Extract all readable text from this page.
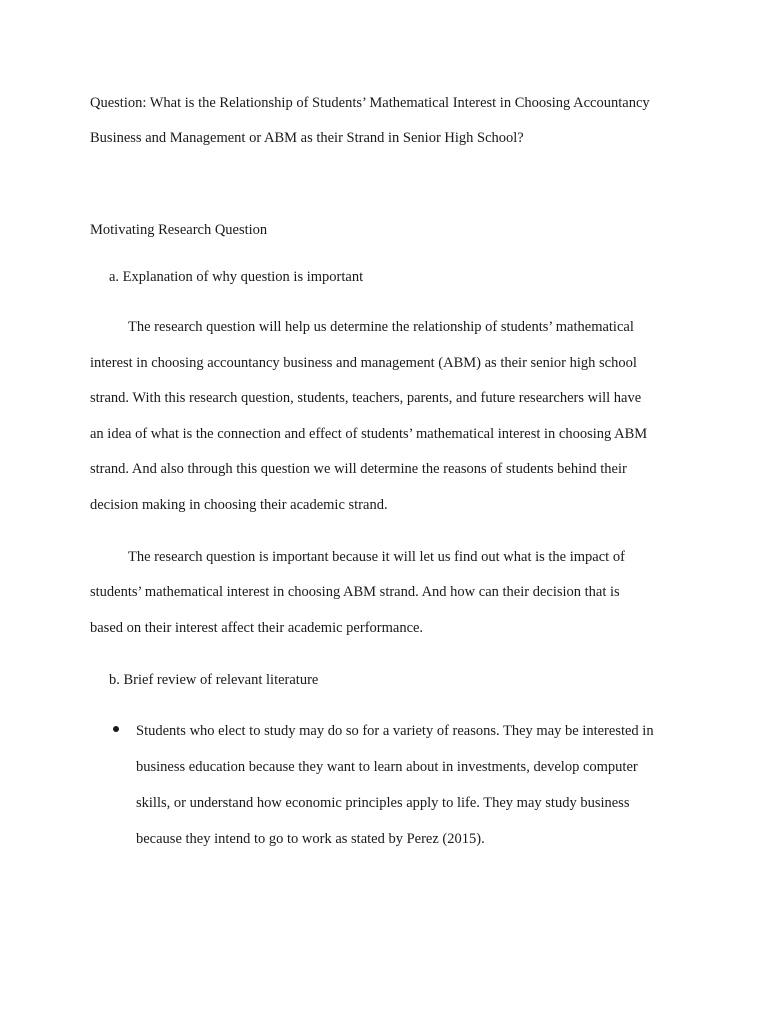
Question: What is the Relationship of Students’ Mathematical Interest in Choosing Accountancy
Business and Management or ABM as their Strand in Senior High School?
Motivating Research Question
a. Explanation of why question is important
The research question will help us determine the relationship of students’ mathematical
interest in choosing accountancy business and management (ABM) as their senior high school
strand. With this research question, students, teachers, parents, and future researchers will have
an idea of what is the connection and effect of students’ mathematical interest in choosing ABM
strand. And also through this question we will determine the reasons of students behind their
decision making in choosing their academic strand.
The research question is important because it will let us find out what is the impact of
students’ mathematical interest in choosing ABM strand. And how can their decision that is
based on their interest affect their academic performance.
b. Brief review of relevant literature
Students who elect to study may do so for a variety of reasons. They may be interested in
business education because they want to learn about in investments, develop computer
skills, or understand how economic principles apply to life. They may study business
because they intend to go to work as stated by Perez (2015).
